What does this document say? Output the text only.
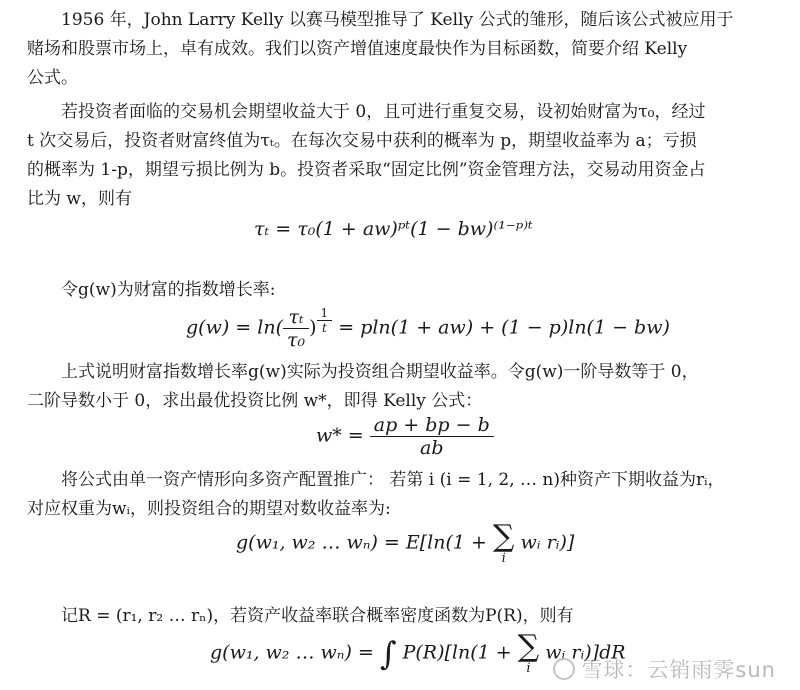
1956 年，John Larry Kelly 以赛马模型推导了 Kelly 公式的雏形，随后该公式被应用于
赌场和股票市场上，卓有成效。我们以资产增值速度最快作为目标函数，简要介绍 Kelly
公式。

若投资者面临的交易机会期望收益大于 0，且可进行重复交易，设初始财富为τ₀，经过
t 次交易后，投资者财富终值为τₜ。在每次交易中获利的概率为 p，期望收益率为 a；亏损
的概率为 1-p，期望亏损比例为 b。投资者采取“固定比例”资金管理方法，交易动用资金占
比为 w，则有

τₜ = τ₀(1 + aw)ᵖᵗ(1 − bw)⁽¹⁻ᵖ⁾ᵗ

令g(w)为财富的指数增长率:

$g(w) = \ln( \frac{\text{τₜ}}{\text{τ₀}}$ ) $\frac{1}{t} = pln(1 + aw) + (1 - p)\ln(1 - bw)$

上式说明财富指数增长率g(w)实际为投资组合期望收益率。令g(w)一阶导数等于 0，
二阶导数小于 0，求出最优投资比例 w*，即得 Kelly 公式：

$w* = \frac{ap + bp - b}{ab}$

将公式由单一资产情形向多资产配置推广： 若第 i (i = 1, 2, … n)种资产下期收益为rᵢ，
对应权重为wᵢ，则投资组合的期望对数收益率为:

g(w₁, w₂ … wₙ) = E[ln(1 + ∑
i
wᵢ rᵢ)]

记R = (r₁, r₂ … rₙ)，若资产收益率联合概率密度函数为P(R)，则有

g(w₁, w₂ … wₙ) = ∫ P(R)[ln(1 + ∑
i
wᵢ rᵢ)]dR
雪球：云销雨霁sun
